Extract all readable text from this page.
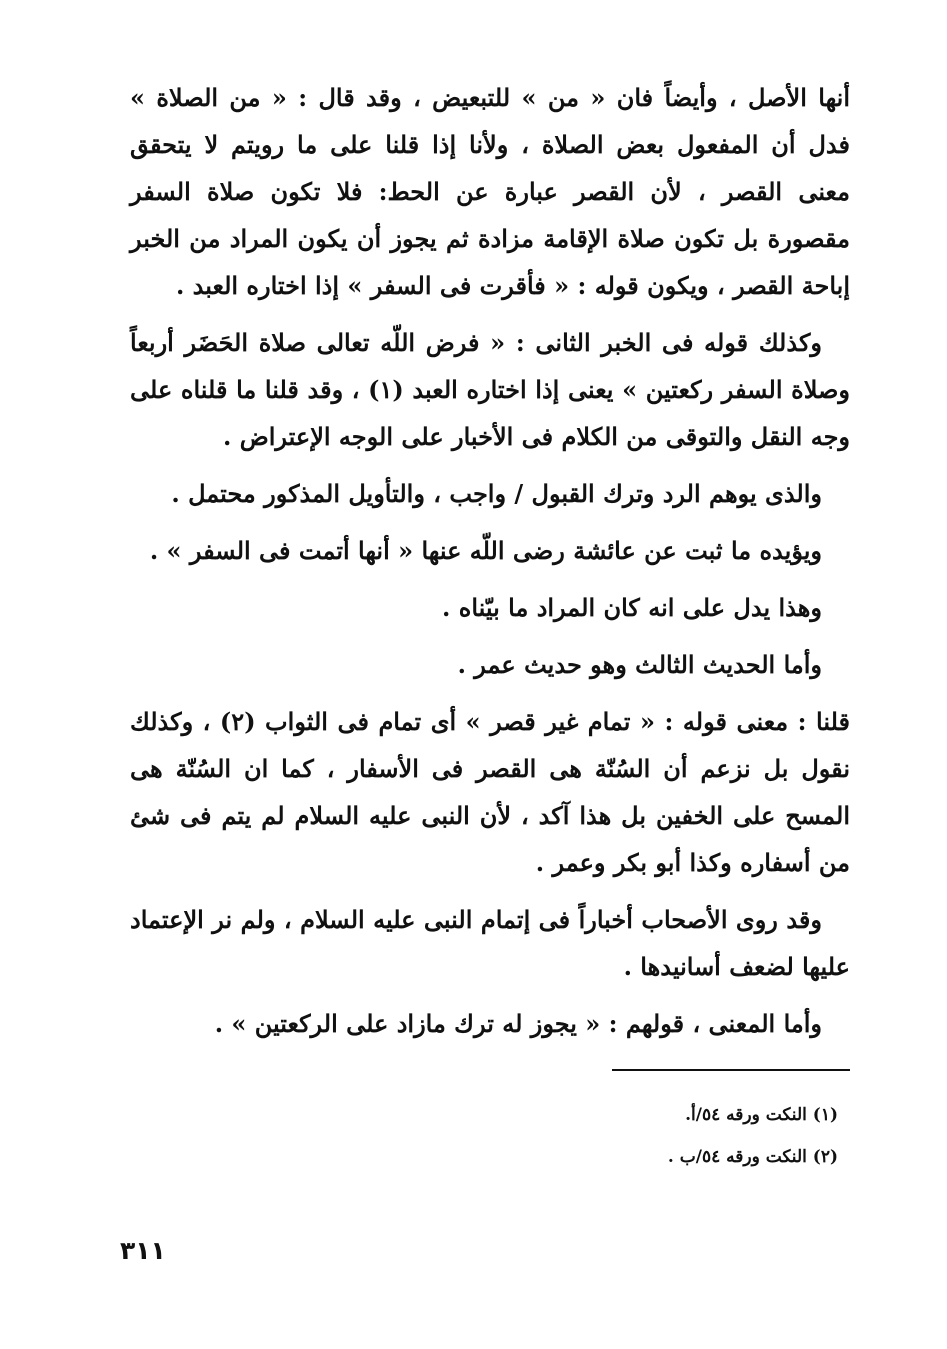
أنها الأصل ، وأيضاً فان « من » للتبعيض ، وقد قال : « من الصلاة » فدل أن المفعول بعض الصلاة ، ولأنا إذا قلنا على ما رويتم لا يتحقق معنى القصر ، لأن القصر عبارة عن الحط: فلا تكون صلاة السفر مقصورة بل تكون صلاة الإقامة مزادة ثم يجوز أن يكون المراد من الخبر إباحة القصر ، ويكون قوله : « فأقرت فى السفر » إذا اختاره العبد .

وكذلك قوله فى الخبر الثانى : « فرض اللّه تعالى صلاة الحَضَر أربعاً وصلاة السفر ركعتين » يعنى إذا اختاره العبد (١) ، وقد قلنا ما قلناه على وجه النقل والتوقى من الكلام فى الأخبار على الوجه الإعتراض .

والذى يوهم الرد وترك القبول / واجب ، والتأويل المذكور محتمل .

ويؤيده ما ثبت عن عائشة رضى اللّه عنها « أنها أتمت فى السفر » .

وهذا يدل على انه كان المراد ما بيّناه .

وأما الحديث الثالث وهو حديث عمر .

قلنا : معنى قوله : « تمام غير قصر » أى تمام فى الثواب (٢) ، وكذلك نقول بل نزعم أن السُنّة هى القصر فى الأسفار ، كما ان السُنّة هى المسح على الخفين بل هذا آكد ، لأن النبى عليه السلام لم يتم فى شئ من أسفاره وكذا أبو بكر وعمر .

وقد روى الأصحاب أخباراً فى إتمام النبى عليه السلام ، ولم نر الإعتماد عليها لضعف أسانيدها .

وأما المعنى ، قولهم : « يجوز له ترك مازاد على الركعتين » .

(١) النكت ورقه ٥٤/أ.

(٢) النكت ورقه ٥٤/ب .

٣١١
